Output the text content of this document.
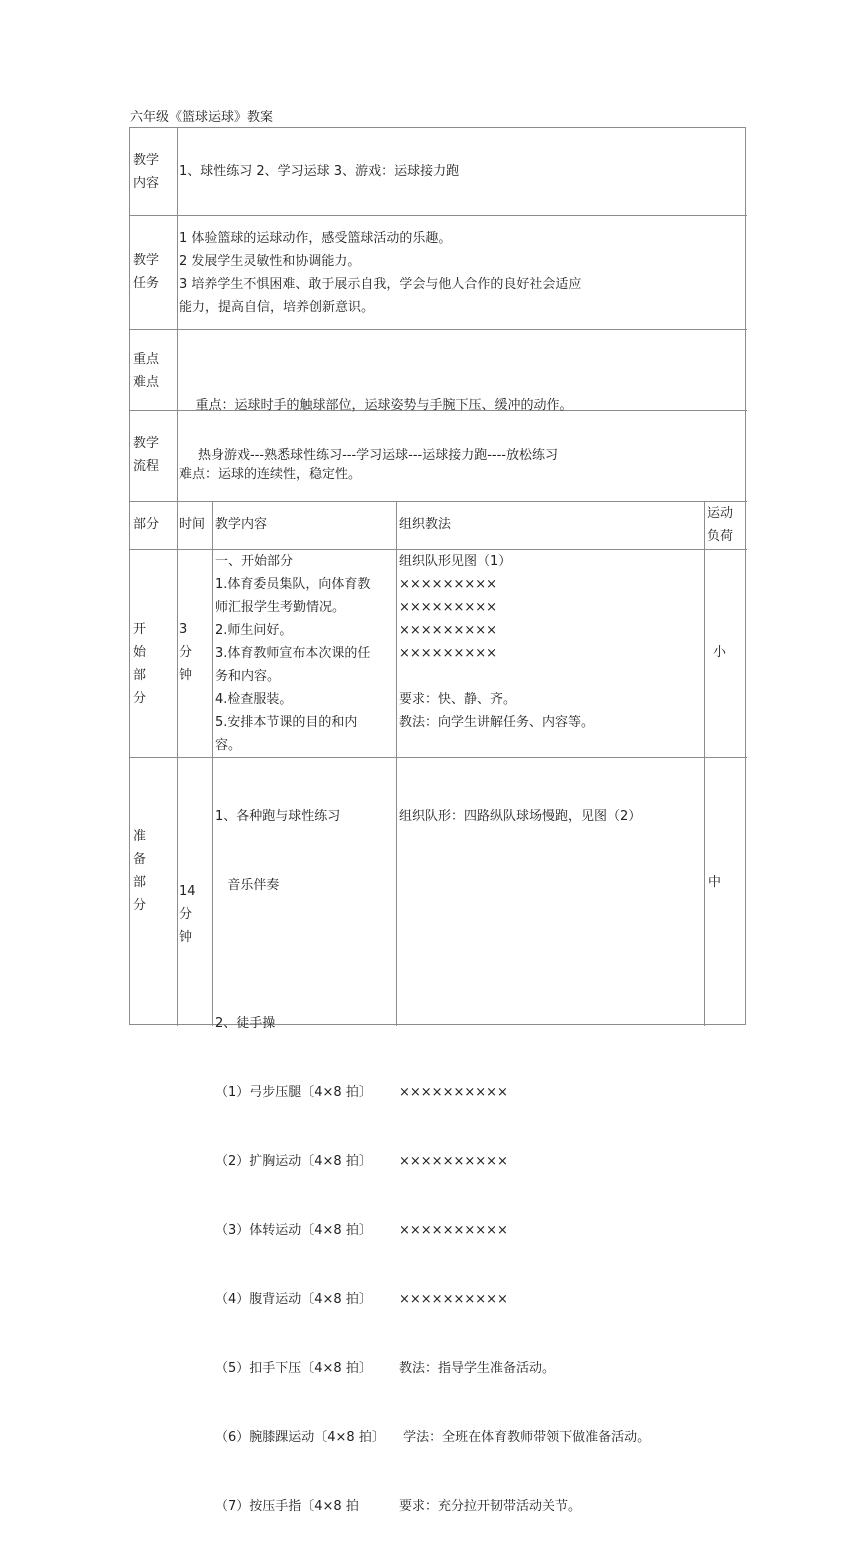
六年级《篮球运球》教案
教学
内容
1、球性练习 2、学习运球 3、游戏：运球接力跑
教学
任务
1 体验篮球的运球动作，感受篮球活动的乐趣。
2 发展学生灵敏性和协调能力。
3 培养学生不惧困难、敢于展示自我，学会与他人合作的良好社会适应
能力，提高自信，培养创新意识。
重点
难点

重点：运球时手的触球部位，运球姿势与手腕下压、缓冲的动作。

难点：运球的连续性，稳定性。

教学
流程
热身游戏---熟悉球性练习---学习运球---运球接力跑----放松练习
部分 时间 教学内容	组织教法
运动
负荷
开
始
部
分
3
分
钟
一、开始部分
1.体育委员集队，向体育教
师汇报学生考勤情况。
2.师生问好。
3.体育教师宣布本次课的任
务和内容。
4.检查服装。
5.安排本节课的目的和内
容。
组织队形见图（1）
×××××××××
×××××××××
×××××××××
×××××××××
要求：快、静、齐。
教法：向学生讲解任务、内容等。
小
准
备
部
分
14
分
钟

1、各种跑与球性练习

音乐伴奏

2、徒手操

（1）弓步压腿〔4×8 拍〕

（2）扩胸运动〔4×8 拍〕

（3）体转运动〔4×8 拍〕

（4）腹背运动〔4×8 拍〕

（5）扣手下压〔4×8 拍〕

（6）腕膝踝运动〔4×8 拍〕

（7）按压手指〔4×8 拍

组织队形：四路纵队球场慢跑，见图（2）

××××××××××

××××××××××

××××××××××

××××××××××

教法：指导学生准备活动。

学法：全班在体育教师带领下做准备活动。

要求：充分拉开韧带活动关节。

中
